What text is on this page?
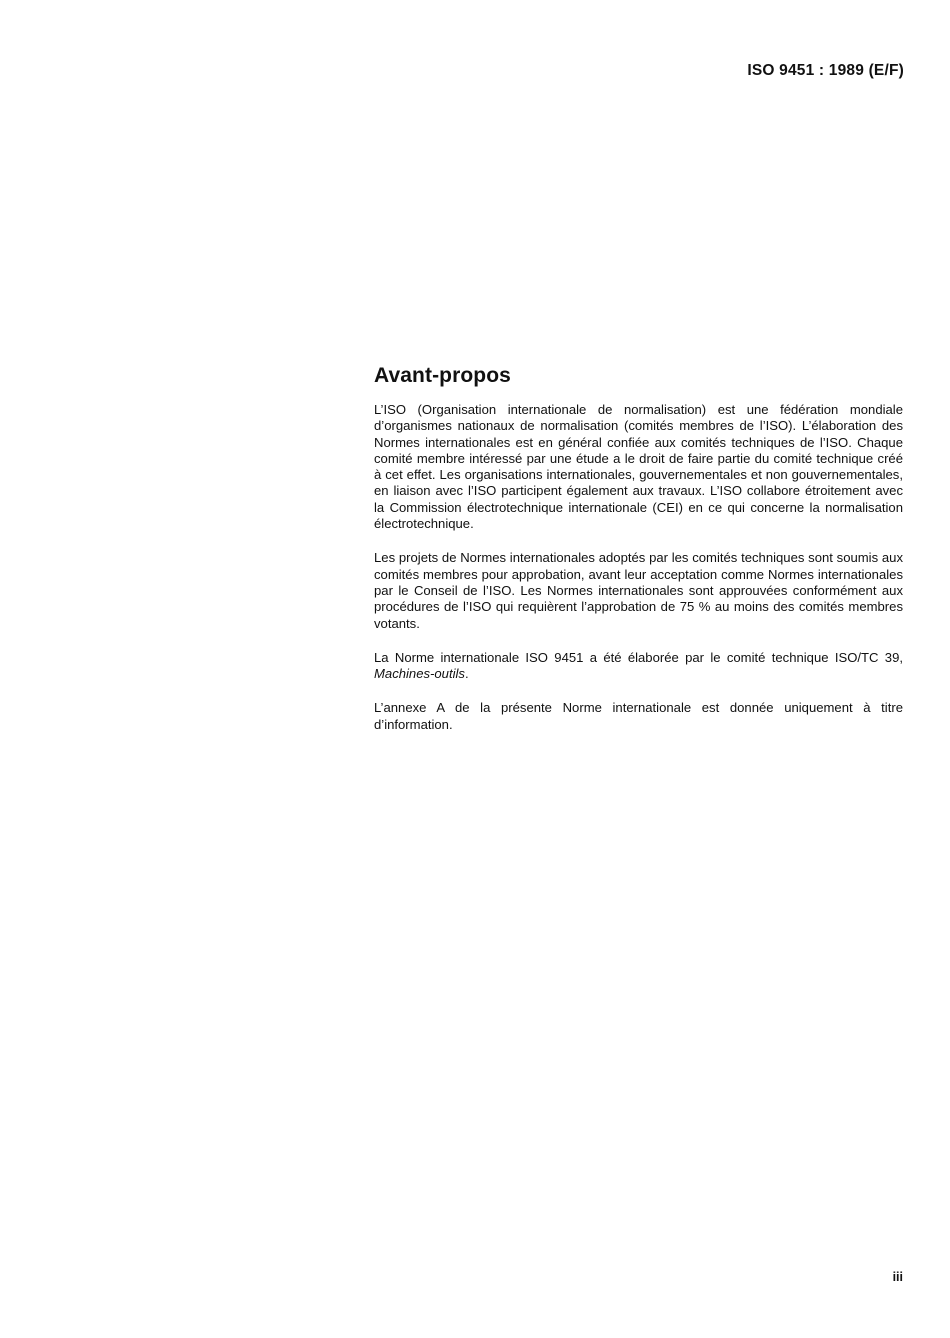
ISO 9451 : 1989 (E/F)
Avant-propos

L’ISO (Organisation internationale de normalisation) est une fédération mondiale d’organismes nationaux de normalisation (comités membres de l’ISO). L’élaboration des Normes internationales est en général confiée aux comités techniques de l’ISO. Chaque comité membre intéressé par une étude a le droit de faire partie du comité technique créé à cet effet. Les organisations internationales, gouvernementales et non gouvernementales, en liaison avec l’ISO participent également aux travaux. L’ISO collabore étroitement avec la Commission électrotechnique internationale (CEI) en ce qui concerne la normalisation électrotechnique.

Les projets de Normes internationales adoptés par les comités techniques sont soumis aux comités membres pour approbation, avant leur acceptation comme Normes internationales par le Conseil de l’ISO. Les Normes internationales sont approuvées conformément aux procédures de l’ISO qui requièrent l’approbation de 75 % au moins des comités membres votants.

La Norme internationale ISO 9451 a été élaborée par le comité technique ISO/TC 39, Machines-outils.

L’annexe A de la présente Norme internationale est donnée uniquement à titre d’information.

iii
